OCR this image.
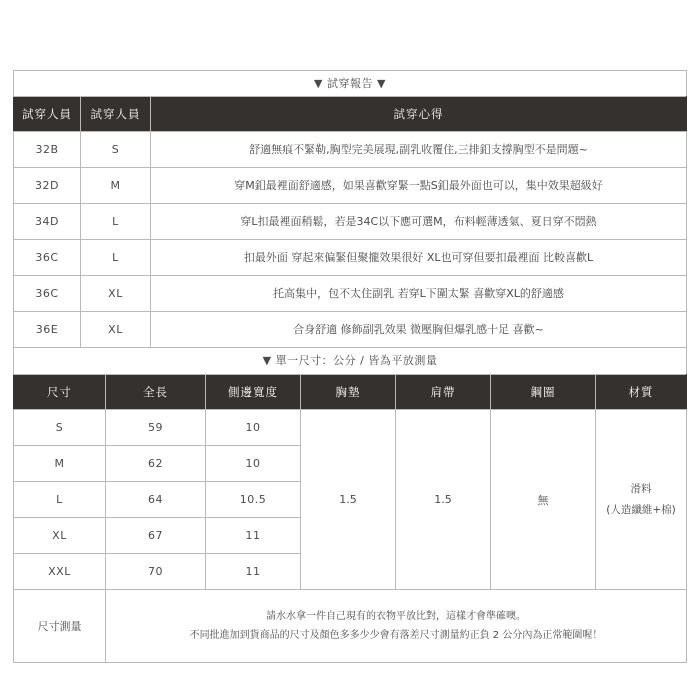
▼ 試穿報告 ▼
試穿人員	試穿人員	試穿心得
32B	S	舒適無痕不緊勒,胸型完美展現,副乳收覆住,三排釦支撐胸型不是問題~
32D	M	穿M釦最裡面舒適感，如果喜歡穿緊一點S釦最外面也可以，集中效果超級好
34D	L	穿L扣最裡面稍鬆，若是34C以下應可選M，布料輕薄透氣、夏日穿不悶熱
36C	L	扣最外面 穿起來偏緊但聚攏效果很好 XL也可穿但要扣最裡面 比較喜歡L
36C	XL	托高集中，包不太住副乳 若穿L下圍太緊 喜歡穿XL的舒適感
36E	XL	合身舒適 修飾副乳效果 微壓胸但爆乳感十足 喜歡~
▼ 單一尺寸：公分 / 皆為平放測量
尺寸	全長	側邊寬度	胸墊	肩帶	鋼圈	材質
S	59	10	1.5	1.5	無	滑料
(人造纖維+棉)

M	62	10				
L	64	10.5				
XL	67	11				
XXL	70	11				
尺寸測量	請水水拿一件自己現有的衣物平放比對，這樣才會準確噢。
不同批進加到貨商品的尺寸及顏色多多少少會有落差尺寸測量約正負 2 公分內為正常範圍喔！					
